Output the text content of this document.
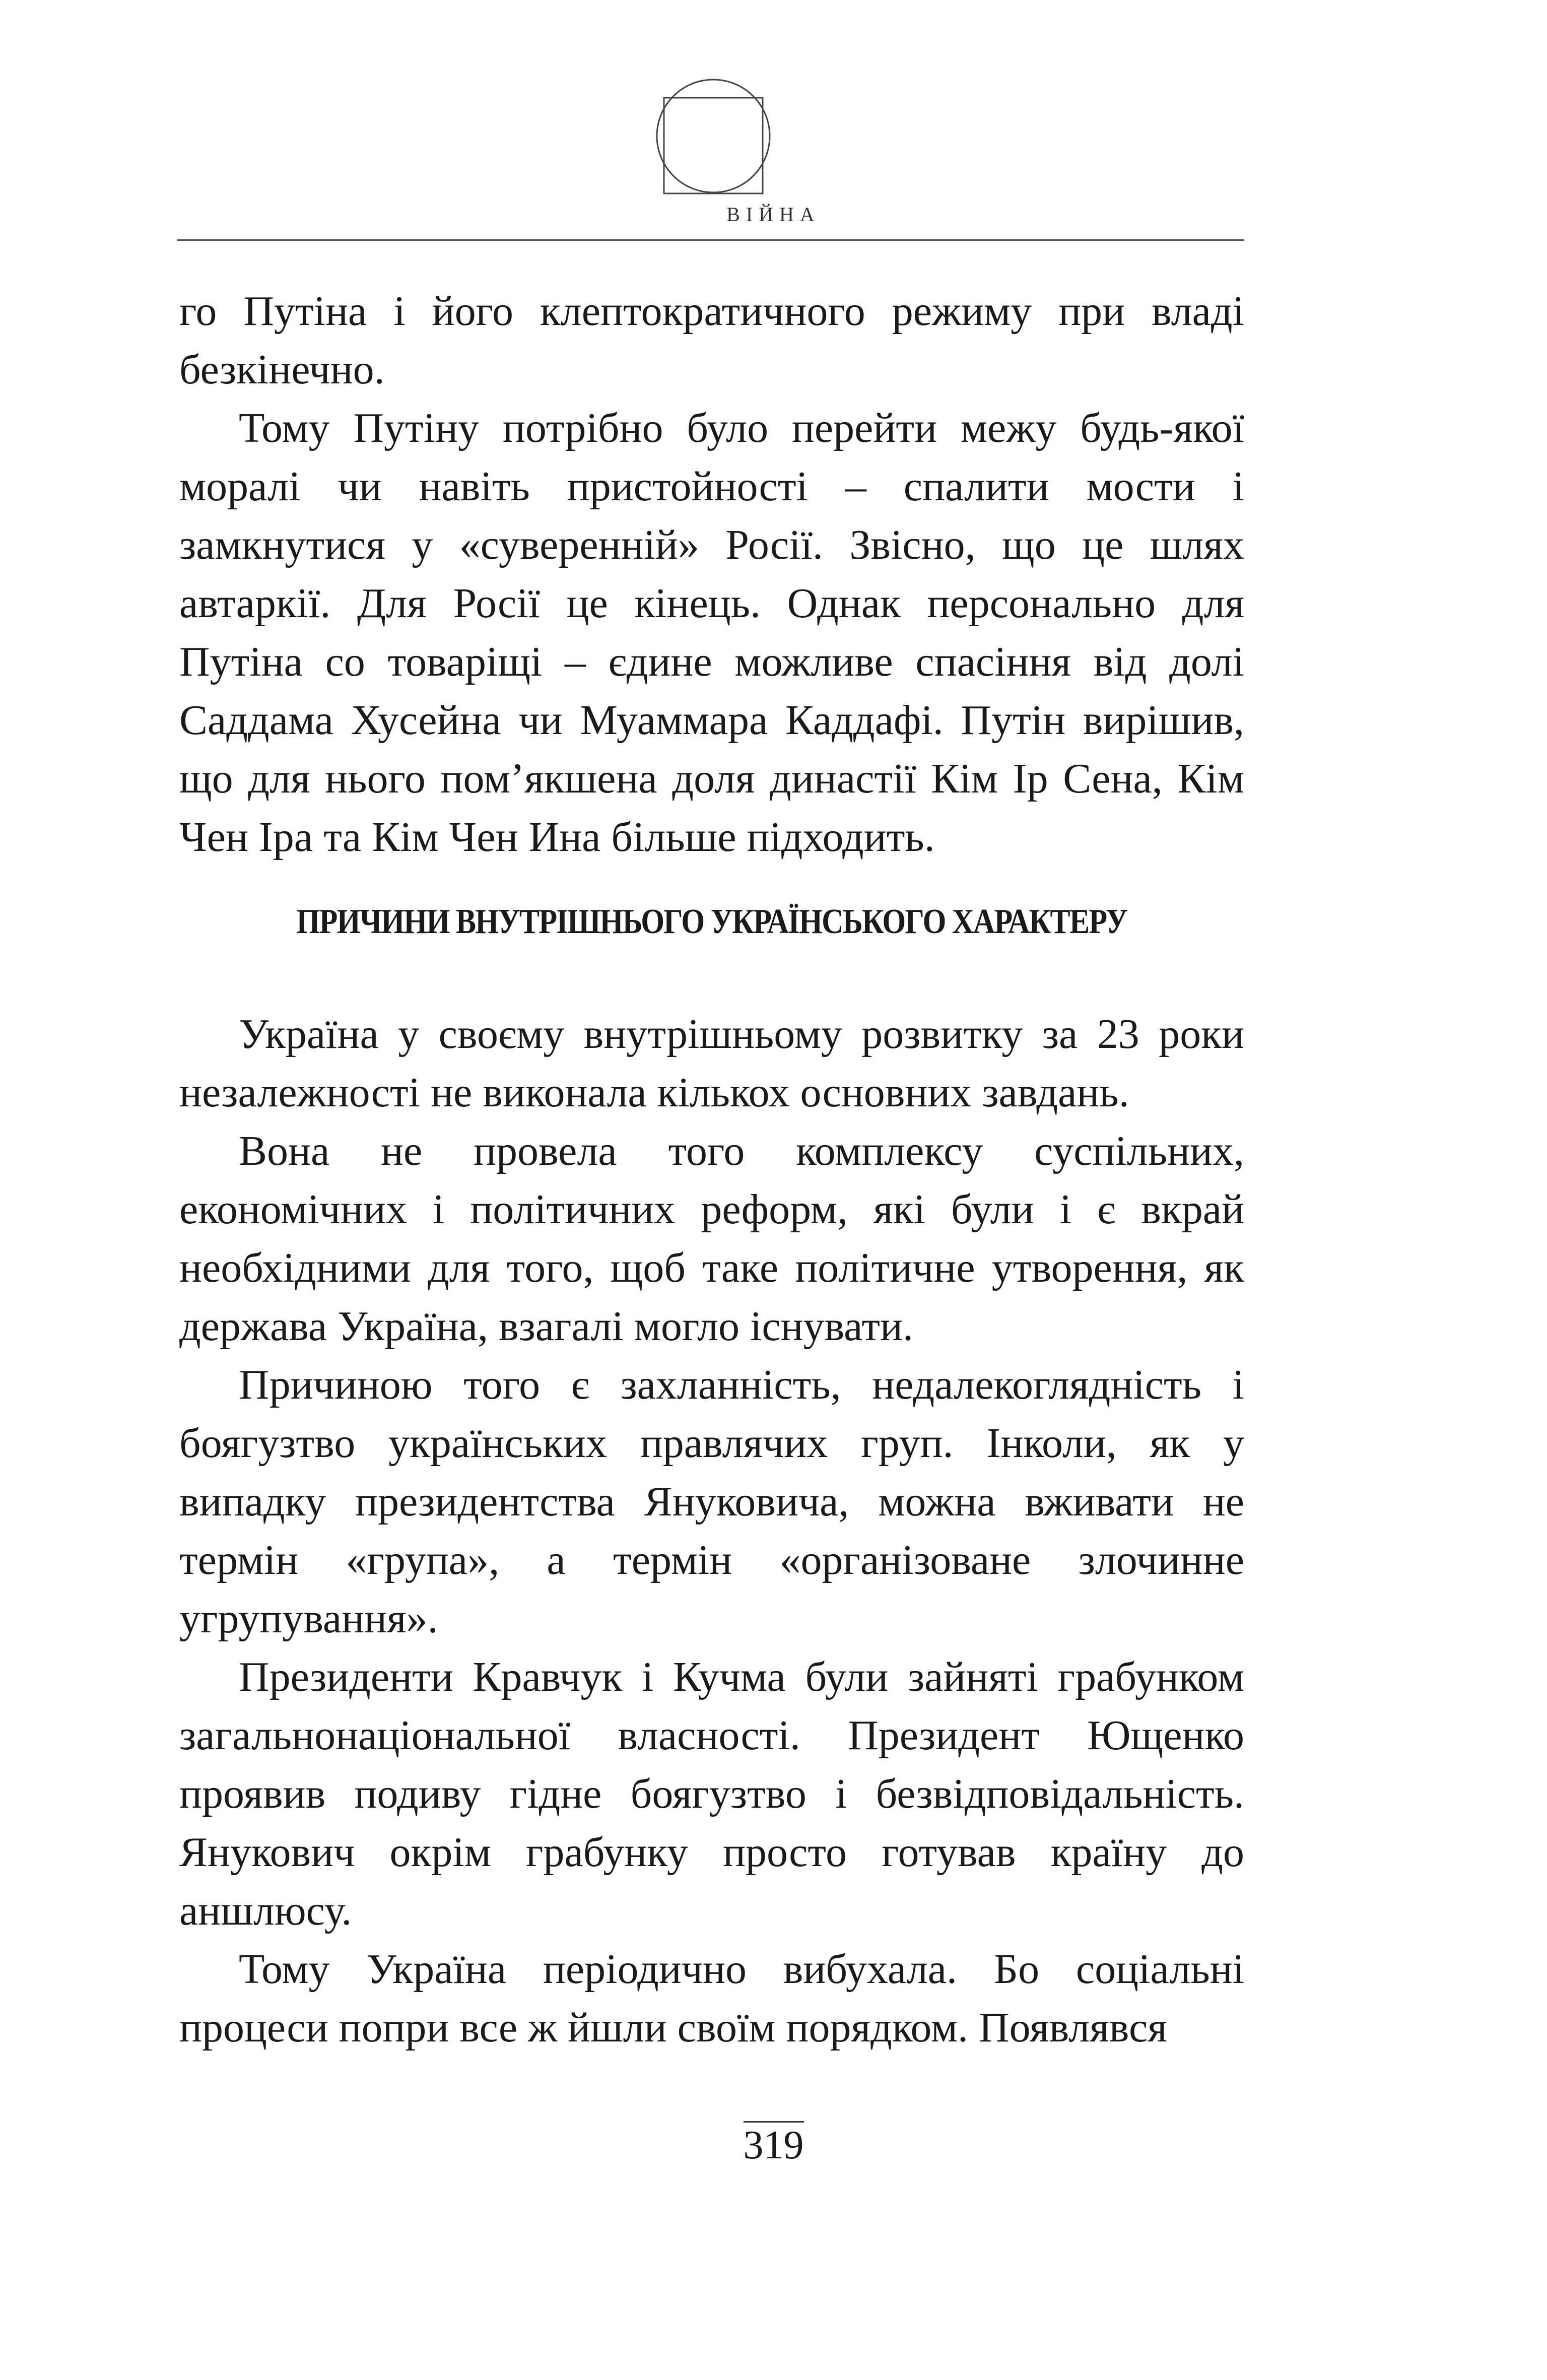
ВІЙНА

го Путіна і його клептократичного режиму при владі безкінечно.

Тому Путіну потрібно було перейти межу будь-якої моралі чи навіть пристойності – спалити мости і замкнутися у «суверенній» Росії. Звісно, що це шлях автаркії. Для Росії це кінець. Однак персонально для Путіна со товаріщі – єдине можливе спасіння від долі Саддама Хусейна чи Муаммара Каддафі. Путін вирішив, що для нього пом’якшена доля династії Кім Ір Сена, Кім Чен Іра та Кім Чен Ина більше підходить.

ПРИЧИНИ ВНУТРІШНЬОГО УКРАЇНСЬКОГО ХАРАКТЕРУ

Україна у своєму внутрішньому розвитку за 23 роки незалежності не виконала кількох основних завдань.

Вона не провела того комплексу суспільних, економічних і політичних реформ, які були і є вкрай необхідними для того, щоб таке політичне утворення, як держава Україна, взагалі могло існувати.

Причиною того є захланність, недалекоглядність і боягузтво українських правлячих груп. Інколи, як у випадку президентства Януковича, можна вживати не термін «група», а термін «організоване злочинне угрупування».

Президенти Кравчук і Кучма були зайняті грабунком загальнонаціональної власності. Президент Ющенко проявив подиву гідне боягузтво і безвідповідальність. Янукович окрім грабунку просто готував країну до аншлюсу.

Тому Україна періодично вибухала. Бо соціальні процеси попри все ж йшли своїм порядком. Появлявся

319
